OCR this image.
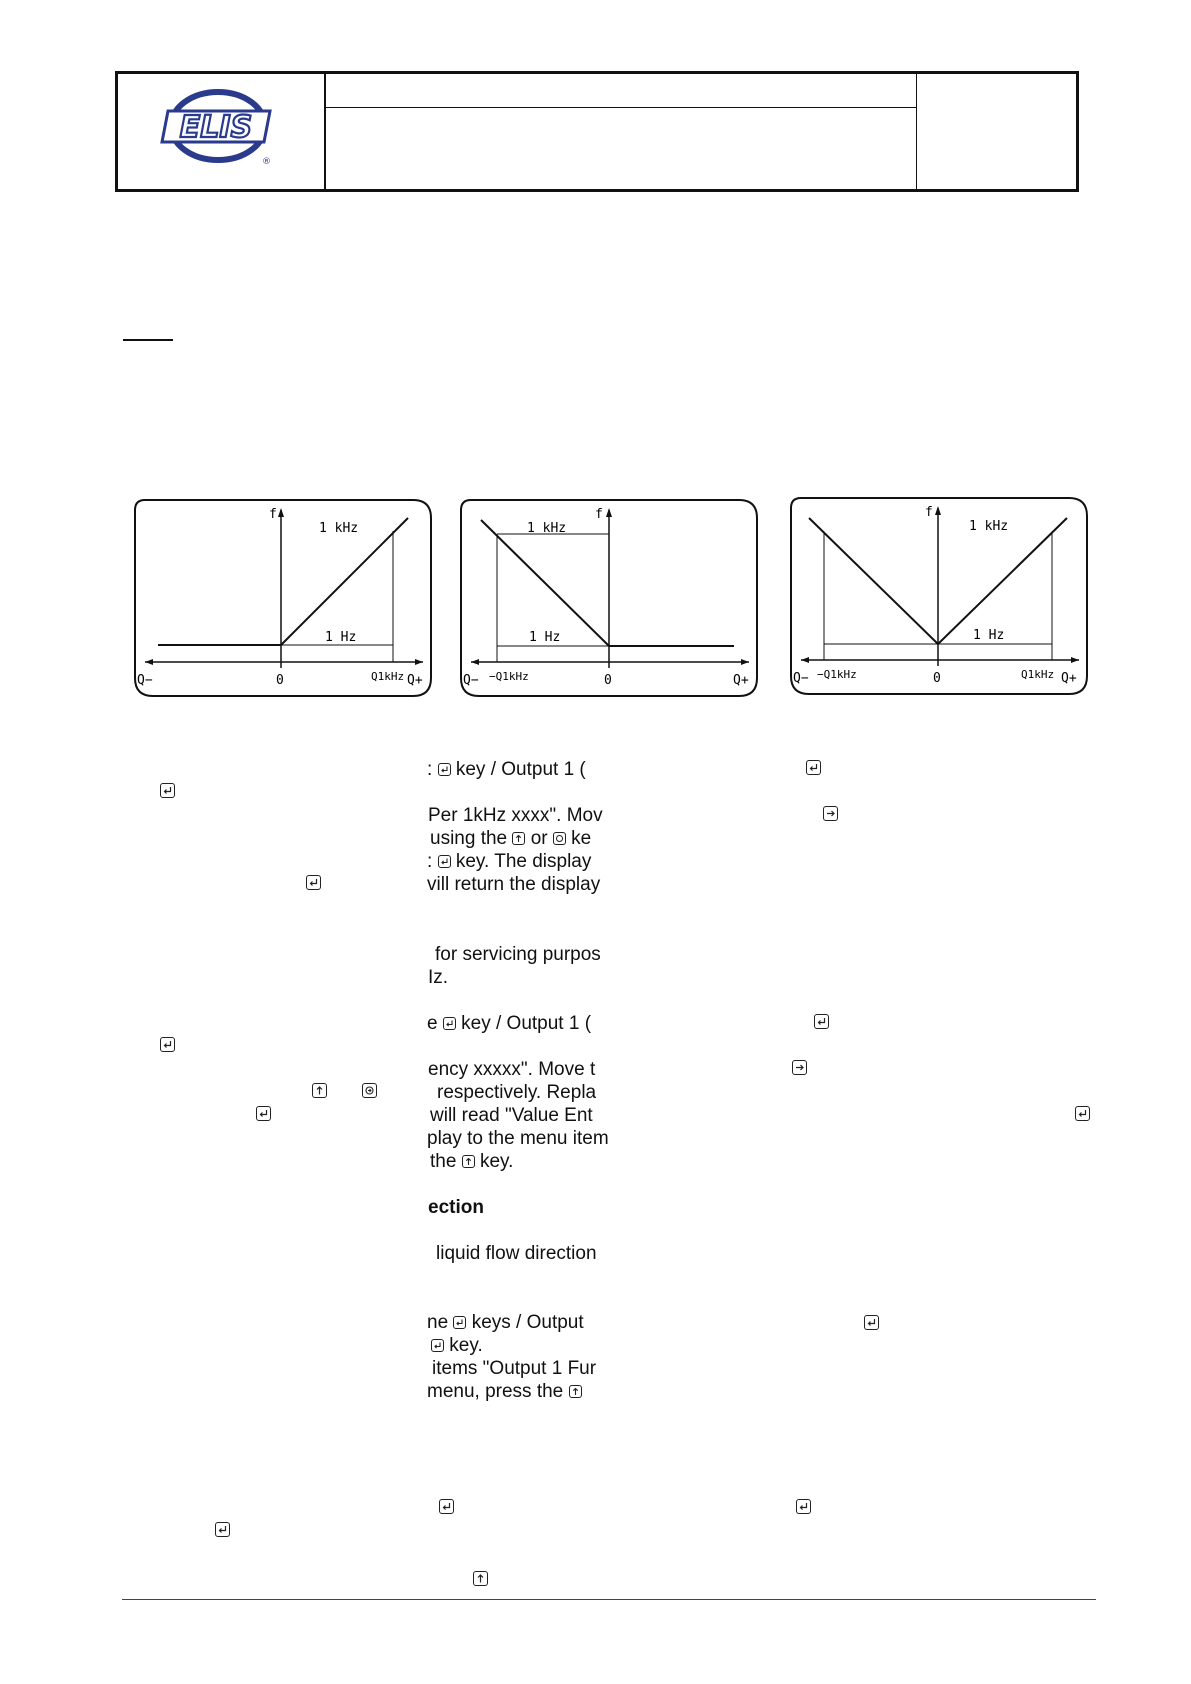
ELIS
®
f
1 kHz
1 Hz
Q−	0	Q1kHz Q+
f
1 kHz
1 Hz
Q− −Q1kHz	0	Q+
f
1 kHz
1 Hz
Q− −Q1kHz	0	Q1kHz Q+
: key / Output 1 (
Per 1kHz xxxx". Mov
using the or ke
: key. The display
vill return the display
for servicing purpos
Iz.
e key / Output 1 (
ency xxxxx". Move t
respectively. Repla
will read "Value Ent
play to the menu item
the key.
ection
liquid flow direction
ne keys / Output
key.
items "Output 1 Fur
menu, press the
